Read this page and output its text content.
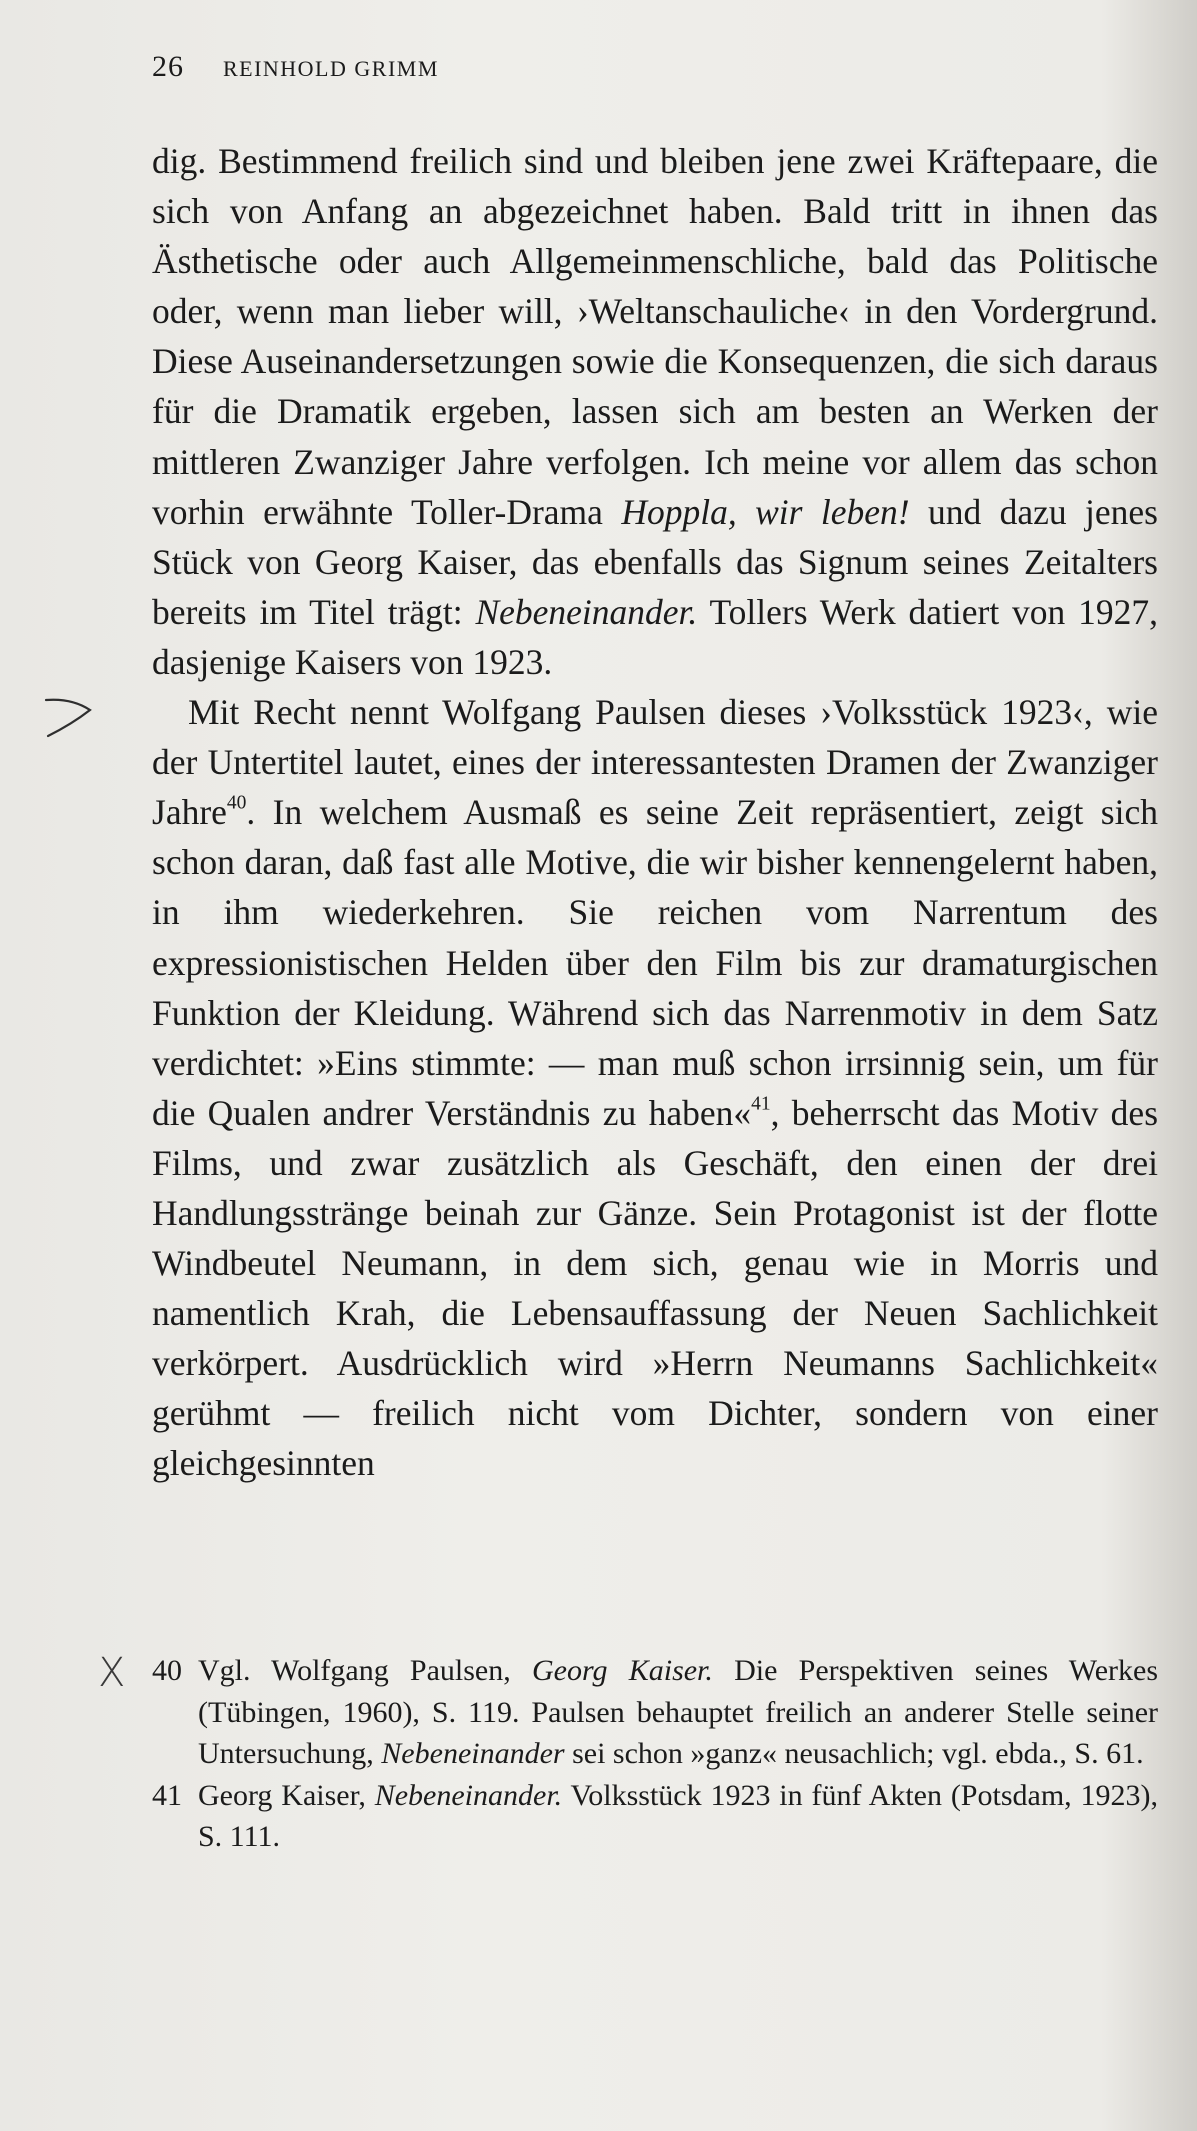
26 REINHOLD GRIMM

dig. Bestimmend freilich sind und bleiben jene zwei Kräftepaare, die sich von Anfang an abgezeichnet haben. Bald tritt in ihnen das Ästhetische oder auch Allgemeinmenschliche, bald das Politische oder, wenn man lieber will, ›Weltanschauliche‹ in den Vordergrund. Diese Auseinandersetzungen sowie die Konsequenzen, die sich daraus für die Dramatik ergeben, lassen sich am besten an Werken der mittleren Zwanziger Jahre verfolgen. Ich meine vor allem das schon vorhin erwähnte Toller-Drama Hoppla, wir leben! und dazu jenes Stück von Georg Kaiser, das ebenfalls das Signum seines Zeitalters bereits im Titel trägt: Nebeneinander. Tollers Werk datiert von 1927, dasjenige Kaisers von 1923.

Mit Recht nennt Wolfgang Paulsen dieses ›Volksstück 1923‹, wie der Untertitel lautet, eines der interessantesten Dramen der Zwanziger Jahre$^{40}$. In welchem Ausmaß es seine Zeit repräsentiert, zeigt sich schon daran, daß fast alle Motive, die wir bisher kennengelernt haben, in ihm wiederkehren. Sie reichen vom Narrentum des expressionistischen Helden über den Film bis zur dramaturgischen Funktion der Kleidung. Während sich das Narrenmotiv in dem Satz verdichtet: »Eins stimmte: — man muß schon irrsinnig sein, um für die Qualen andrer Verständnis zu haben«$^{41}$, beherrscht das Motiv des Films, und zwar zusätzlich als Geschäft, den einen der drei Handlungsstränge beinah zur Gänze. Sein Protagonist ist der flotte Windbeutel Neumann, in dem sich, genau wie in Morris und namentlich Krah, die Lebensauffassung der Neuen Sachlichkeit verkörpert. Ausdrücklich wird »Herrn Neumanns Sachlichkeit« gerühmt — freilich nicht vom Dichter, sondern von einer gleichgesinnten

40 Vgl. Wolfgang Paulsen, Georg Kaiser. Die Perspektiven seines Werkes (Tübingen, 1960), S. 119. Paulsen behauptet freilich an anderer Stelle seiner Untersuchung, Nebeneinander sei schon »ganz« neusachlich; vgl. ebda., S. 61.
41 Georg Kaiser, Nebeneinander. Volksstück 1923 in fünf Akten (Potsdam, 1923), S. 111.
X
